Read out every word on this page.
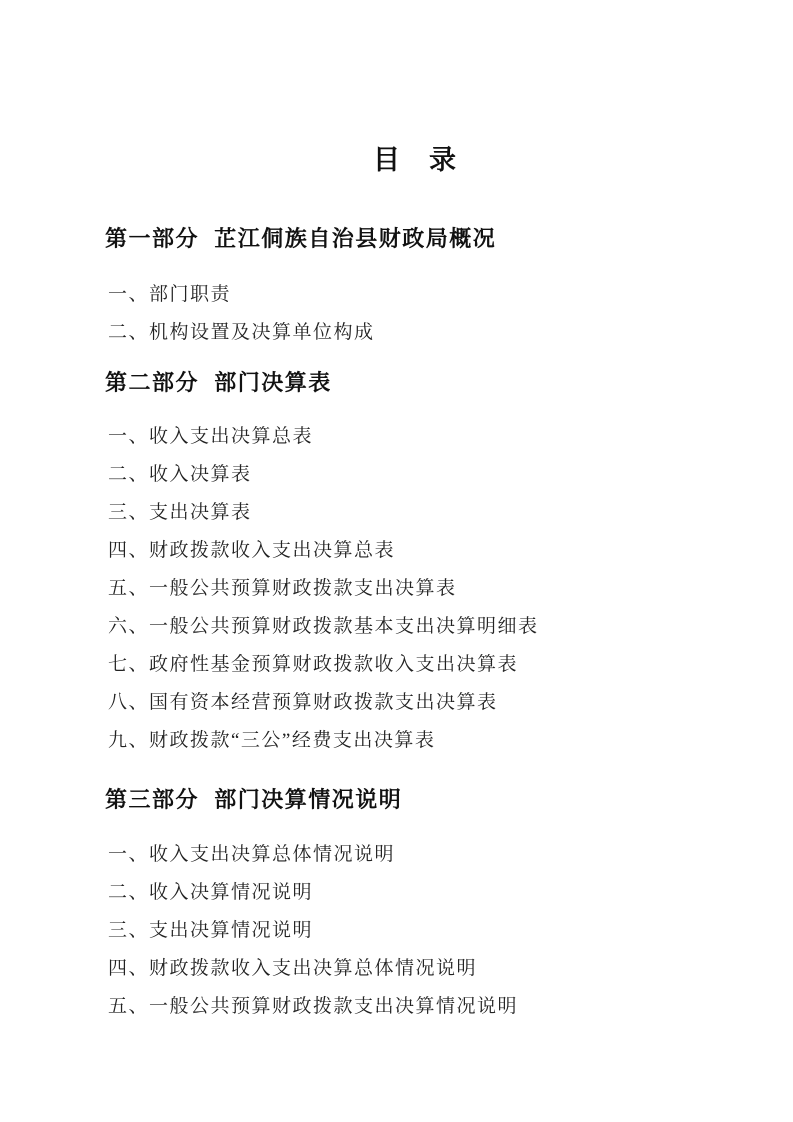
目　录
第一部分  芷江侗族自治县财政局概况
一、部门职责
二、机构设置及决算单位构成
第二部分  部门决算表
一、收入支出决算总表
二、收入决算表
三、支出决算表
四、财政拨款收入支出决算总表
五、一般公共预算财政拨款支出决算表
六、一般公共预算财政拨款基本支出决算明细表
七、政府性基金预算财政拨款收入支出决算表
八、国有资本经营预算财政拨款支出决算表
九、财政拨款“三公”经费支出决算表
第三部分  部门决算情况说明
一、收入支出决算总体情况说明
二、收入决算情况说明
三、支出决算情况说明
四、财政拨款收入支出决算总体情况说明
五、一般公共预算财政拨款支出决算情况说明
